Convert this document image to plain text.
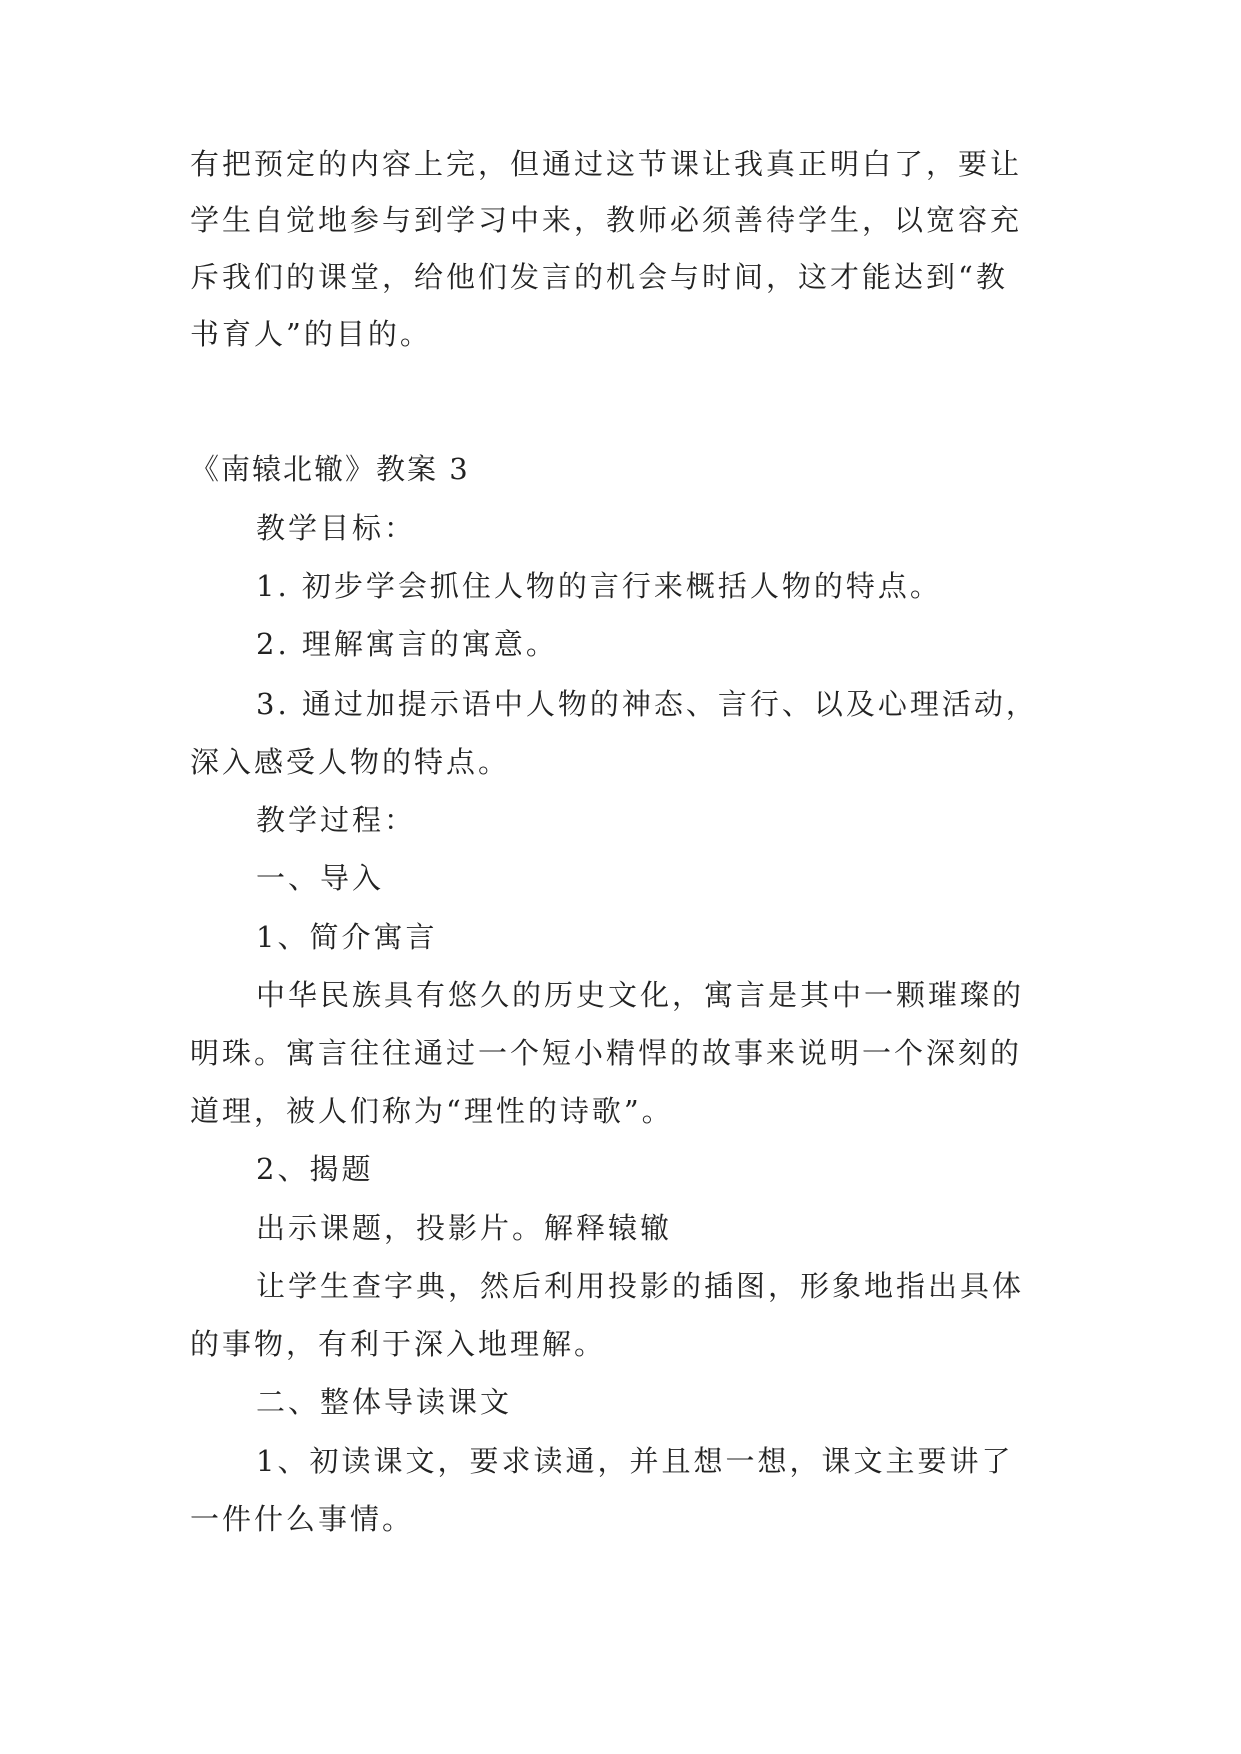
有把预定的内容上完，但通过这节课让我真正明白了，要让
学生自觉地参与到学习中来，教师必须善待学生，以宽容充
斥我们的课堂，给他们发言的机会与时间，这才能达到“教
书育人”的目的。
《南辕北辙》教案 3
教学目标：
1. 初步学会抓住人物的言行来概括人物的特点。
2. 理解寓言的寓意。
3. 通过加提示语中人物的神态、言行、以及心理活动，
深入感受人物的特点。
教学过程：
一、导入
1、简介寓言
中华民族具有悠久的历史文化，寓言是其中一颗璀璨的
明珠。寓言往往通过一个短小精悍的故事来说明一个深刻的
道理，被人们称为“理性的诗歌”。
2、揭题
出示课题，投影片。解释辕辙
让学生查字典，然后利用投影的插图，形象地指出具体
的事物，有利于深入地理解。
二、整体导读课文
1、初读课文，要求读通，并且想一想，课文主要讲了
一件什么事情。
